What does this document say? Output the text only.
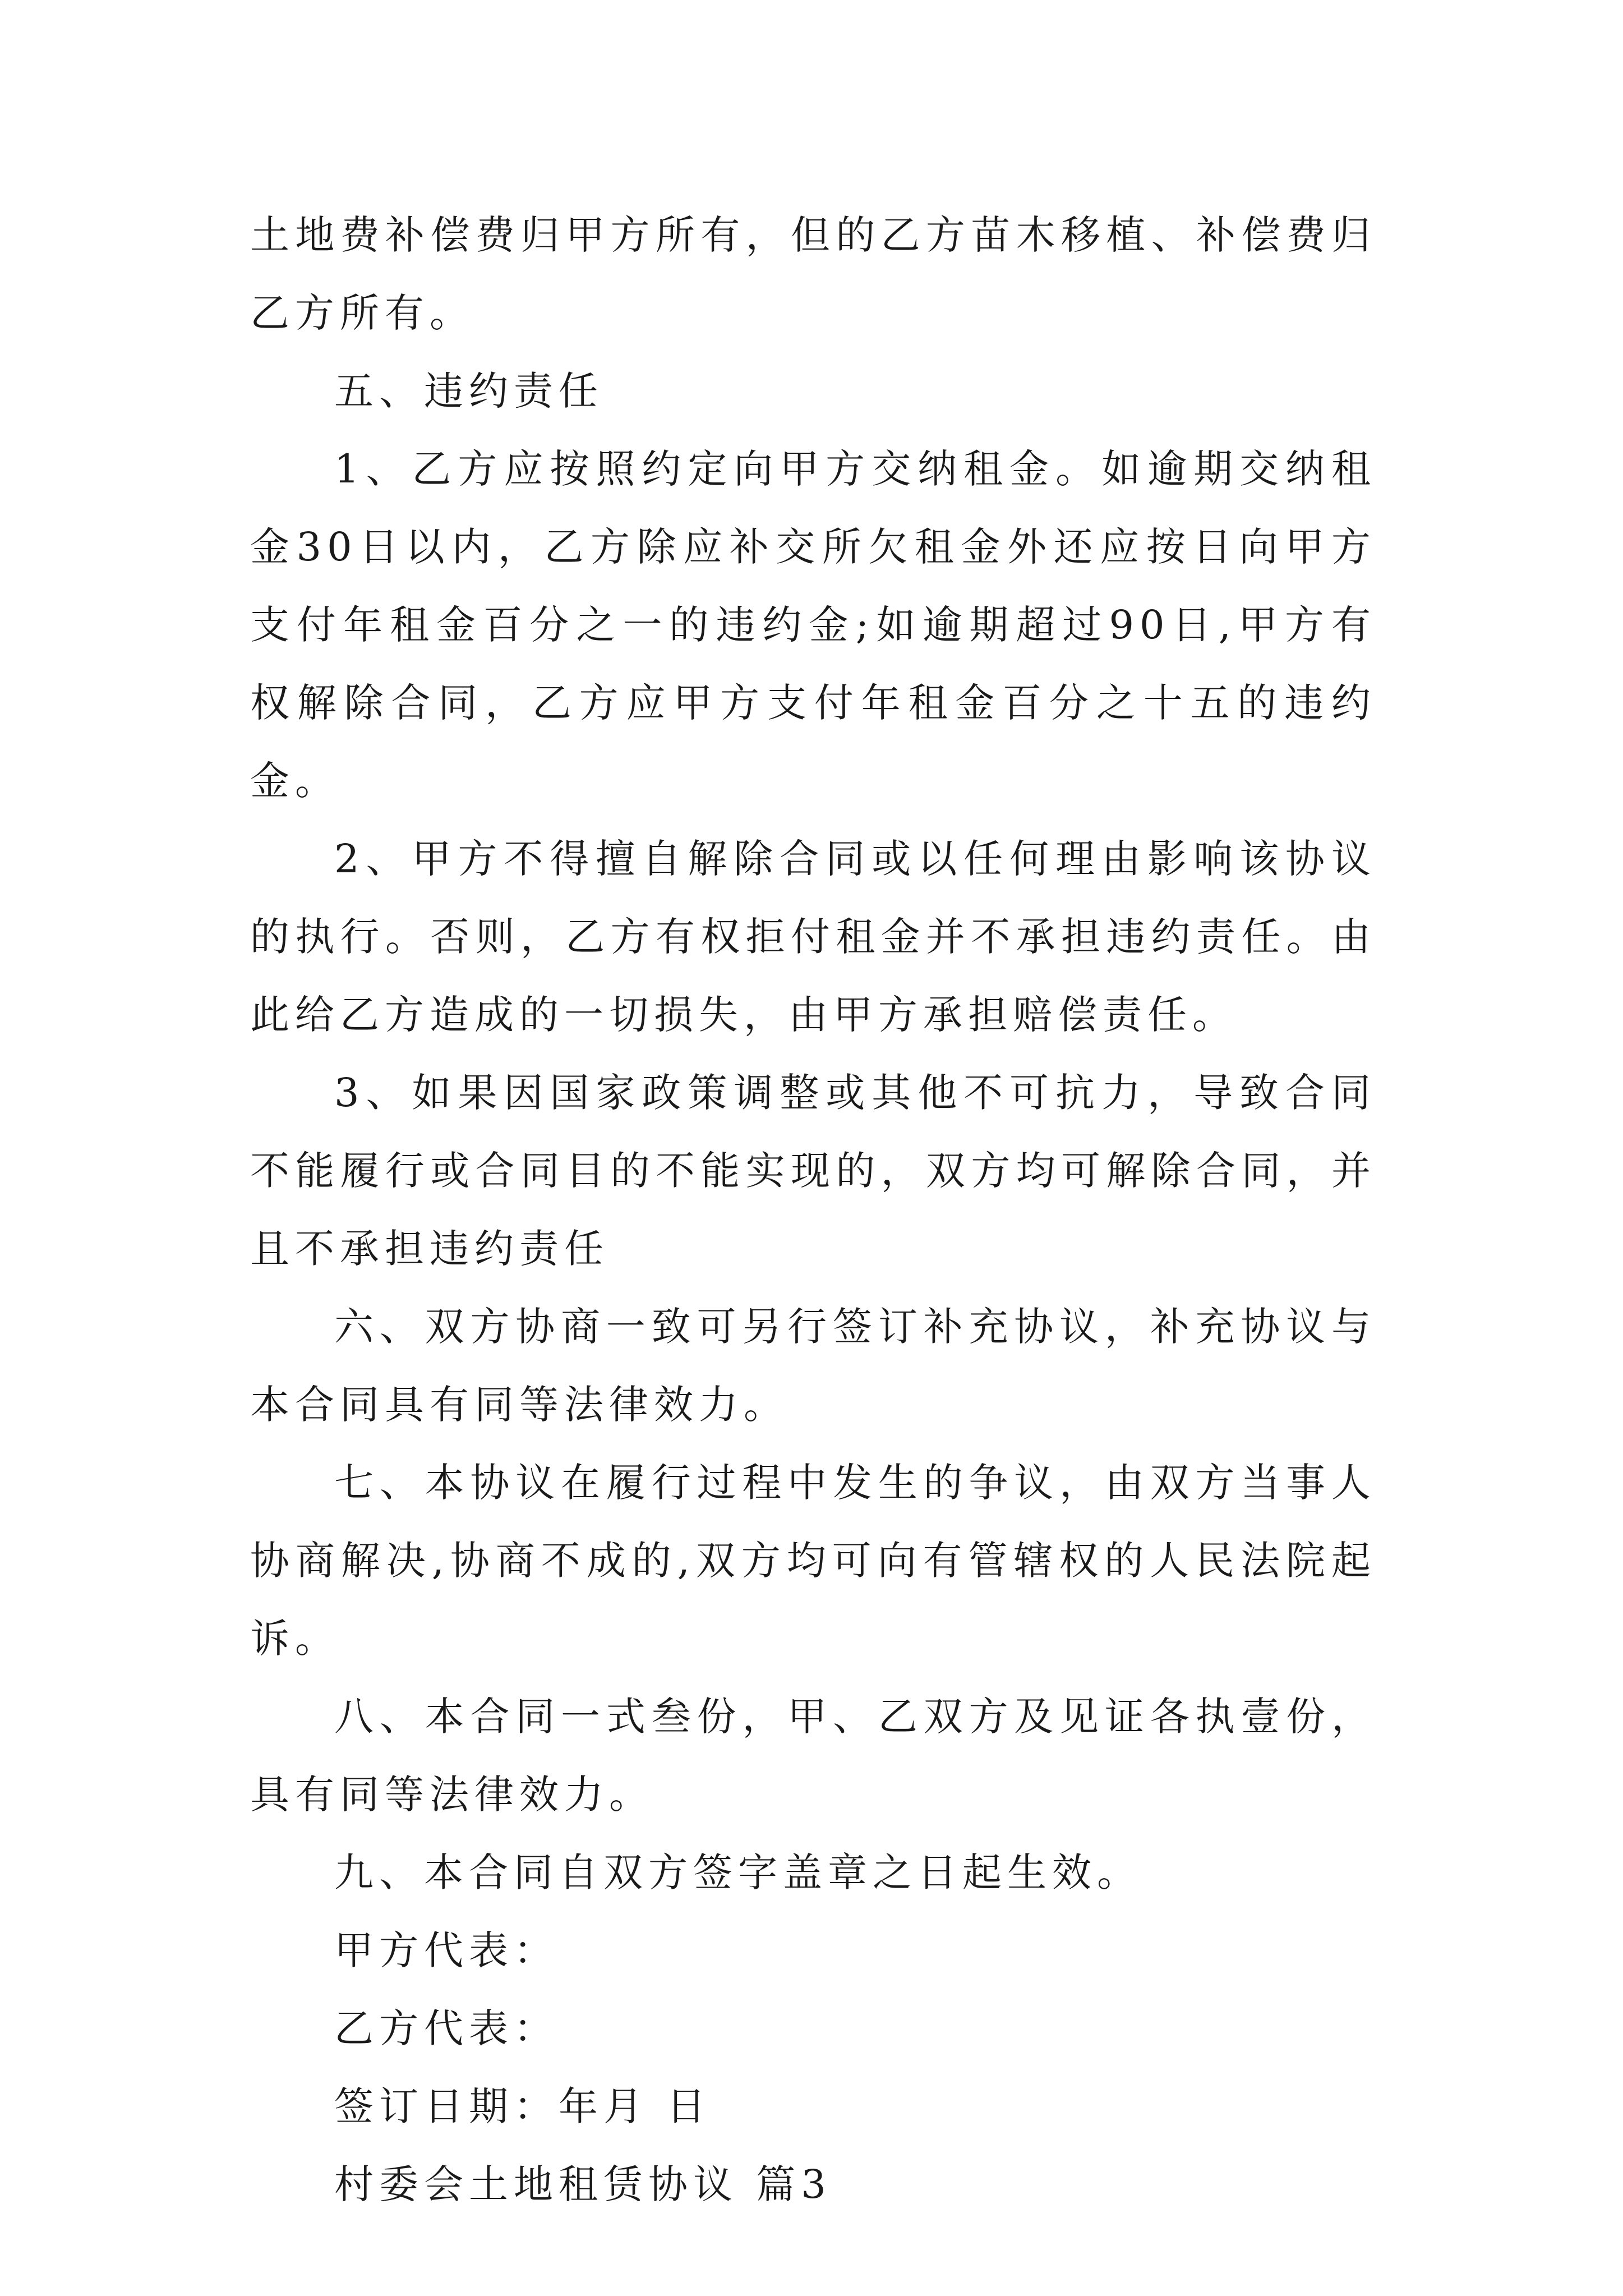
土地费补偿费归甲方所有，但的乙方苗木移植、补偿费归乙方所有。

五、违约责任

1、乙方应按照约定向甲方交纳租金。如逾期交纳租金30日以内，乙方除应补交所欠租金外还应按日向甲方支付年租金百分之一的违约金;如逾期超过90日,甲方有权解除合同，乙方应甲方支付年租金百分之十五的违约金。

2、甲方不得擅自解除合同或以任何理由影响该协议的执行。否则，乙方有权拒付租金并不承担违约责任。由此给乙方造成的一切损失，由甲方承担赔偿责任。

3、如果因国家政策调整或其他不可抗力，导致合同不能履行或合同目的不能实现的，双方均可解除合同，并且不承担违约责任

六、双方协商一致可另行签订补充协议，补充协议与本合同具有同等法律效力。

七、本协议在履行过程中发生的争议，由双方当事人协商解决,协商不成的,双方均可向有管辖权的人民法院起诉。

八、本合同一式叁份，甲、乙双方及见证各执壹份，具有同等法律效力。

九、本合同自双方签字盖章之日起生效。

甲方代表：

乙方代表：

签订日期：年月 日

村委会土地租赁协议 篇3
